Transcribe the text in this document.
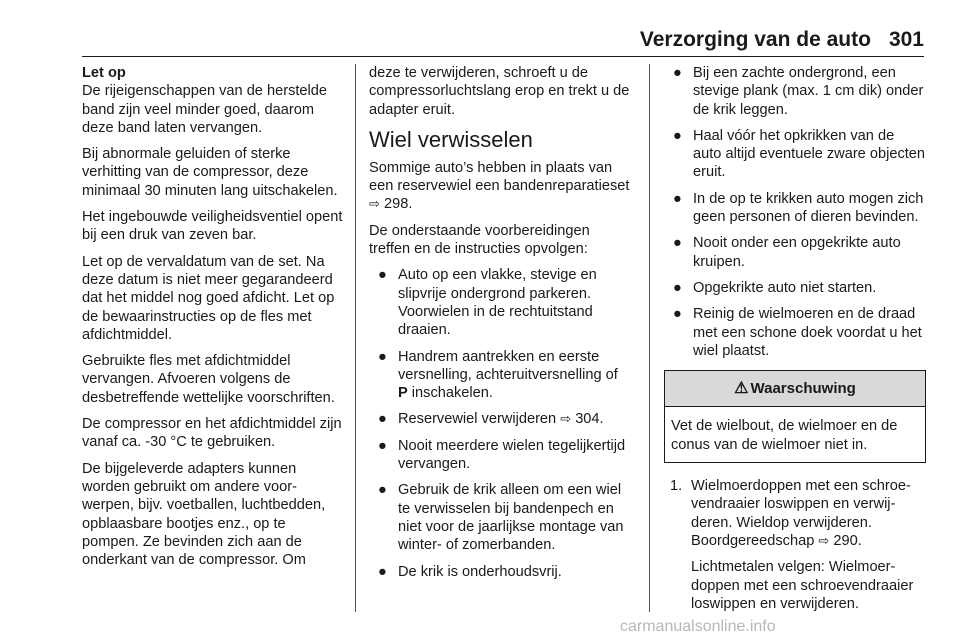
Verzorging van de auto 301

Let op

De rijeigenschappen van de herstelde band zijn veel minder goed, daarom deze band laten vervangen.

Bij abnormale geluiden of sterke verhitting van de compressor, deze minimaal 30 minuten lang uitschakelen.

Het ingebouwde veiligheidsventiel opent bij een druk van zeven bar.

Let op de vervaldatum van de set. Na deze datum is niet meer gegarandeerd dat het middel nog goed afdicht. Let op de bewaarinstructies op de fles met afdichtmiddel.

Gebruikte fles met afdichtmiddel vervangen. Afvoeren volgens de desbetreffende wettelijke voorschriften.

De compressor en het afdichtmiddel zijn vanaf ca. -30 °C te gebruiken.

De bijgeleverde adapters kunnen worden gebruikt om andere voorwerpen, bijv. voetballen, luchtbedden, opblaasbare bootjes enz., op te pompen. Ze bevinden zich aan de onderkant van de compressor. Om

deze te verwijderen, schroeft u de compressorluchtslang erop en trekt u de adapter eruit.

Wiel verwisselen

Sommige auto’s hebben in plaats van een reservewiel een bandenreparatieset ⇨ 298.

De onderstaande voorbereidingen treffen en de instructies opvolgen:

● Auto op een vlakke, stevige en slipvrije ondergrond parkeren. Voorwielen in de rechtuitstand draaien.
● Handrem aantrekken en eerste versnelling, achteruitversnelling of P inschakelen.
● Reservewiel verwijderen ⇨ 304.
● Nooit meerdere wielen tegelijkertijd vervangen.
● Gebruik de krik alleen om een wiel te verwisselen bij bandenpech en niet voor de jaarlijkse montage van winter- of zomerbanden.
● De krik is onderhoudsvrij.
● Bij een zachte ondergrond, een stevige plank (max. 1 cm dik) onder de krik leggen.
● Haal vóór het opkrikken van de auto altijd eventuele zware objecten eruit.
● In de op te krikken auto mogen zich geen personen of dieren bevinden.
● Nooit onder een opgekrikte auto kruipen.
● Opgekrikte auto niet starten.
● Reinig de wielmoeren en de draad met een schone doek voordat u het wiel plaatst.
⚠ Waarschuwing
Vet de wielbout, de wielmoer en de conus van de wielmoer niet in.
1. Wielmoerdoppen met een schroevendraaier loswippen en verwijderen. Wieldop verwijderen. Boordgereedschap ⇨ 290.
Lichtmetalen velgen: Wielmoerdoppen met een schroevendraaier loswippen en verwijderen.
carmanualsonline.info
